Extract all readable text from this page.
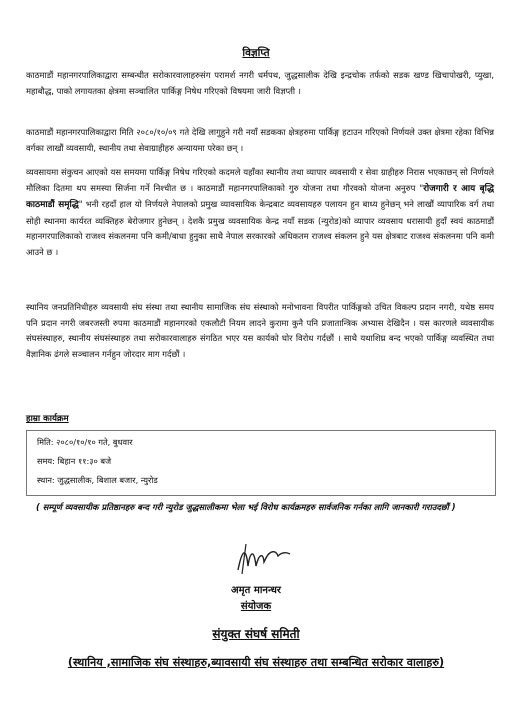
विज्ञप्ति

काठमाडौं महानगरपालिकाद्वारा सम्बन्धीत सरोकारवालाहरुसंग परामर्श नगरी धर्मपथ, जुद्धसालीक देखि इन्द्रचोक तर्फको सडक खण्ड खिचापोखरी, प्युखा, महाबौद्ध, पाको लगायतका क्षेत्रमा सञ्चालित पार्किङ्ग निषेध गरिएको विषयमा जारी विज्ञप्ती ।

काठमाडौं महानगरपालिकाद्वारा मिति २०८०/१०/०९ गते देखि लागुहुने गरी नयाँ सडकका क्षेत्रहरुमा पार्किङ्ग हटाउन गरिएको निर्णयले उक्त क्षेत्रमा रहेका विभिन्न वर्गका लाखौं व्यवसायी, स्थानीय तथा सेवाग्राहीहरु अन्यायमा परेका छन् ।

व्यवसायमा संकुचन आएको यस समयमा पार्किङ्ग निषेध गरिएको कदमले यहाँका स्थानीय तथा व्यापार व्यवसायी र सेवा ग्राहीहरु निरास भएकाछन् सो निर्णयले मौलिका दितमा थप समस्या सिर्जना गर्ने निश्चीत छ । काठमाडौं महानगरपालिकाको गुरु योजना तथा गौरवको योजना अनुरुप "रोजगारी र आय बृद्धि काठमाडौं समृद्धि" भनी रहदाँ हाल यो निर्णयले नेपालको प्रमुख व्यावसायिक केन्द्रबाट व्यवसायहरु पलायन हुन बाध्य हुनेछन् भने लाखौं व्यापारिक वर्ग तथा सोही स्थानमा कार्यरत व्यक्तिहरु बेरोजगार हुनेछन् । देशकै प्रमुख व्यवसायिक केन्द्र नयाँ सडक (न्युरोड)को व्यापार व्यवसाय धरासायी हुदाँ स्वयं काठमाडौं महानगरपालिकाको राजश्व संकलनमा पनि कमी/बाधा हुनुका साथै नेपाल सरकारको अधिकतम राजश्व संकलन हुने यस क्षेत्रबाट राजश्व संकलनमा पनि कमी आउने छ ।

स्थानिय जनप्रतिनिधीहरु व्यवसायी संघ संस्था तथा स्थानीय सामाजिक संघ संस्थाको मनोभावना विपरीत पार्किङ्गको उचित विकल्प प्रदान नगरी, यथेष्ठ समय पनि प्रदान नगरी जबरजस्ती रुपमा काठमाडौं महानगरको एकलौटी नियम लादने कुरामा कुनै पनि प्रजातान्त्रिक अभ्यास देखिदैन । यस कारणले व्यवसायीक संघसंस्थाहरु, स्थानीय संघसंस्थाहरु तथा सरोकारवालाहरु संगठित भएर यस कार्यको घोर विरोध गर्दछौं । साथै यथाशिघ्र बन्द भएको पार्किङ्ग व्यवस्थित तथा वैज्ञानिक ढंगले सञ्चालन गर्नहुन जोरदार माग गर्दछौं ।

हाम्रा कार्यक्रम
मिति: २०८०/१०/१० गते, बुधवार
समय: बिहान ११:३० बजे
स्थान: जुद्धसालीक, बिशाल बजार, न्युरोड
( सम्पूर्ण व्यवसायीक प्रतिष्ठानहरु बन्द गरी न्युरोड जुद्धसालीकमा भेला भई विरोध कार्यक्रमहरु सार्वजनिक गर्नका लागि जानकारी गराउदछौं )
अमृत मानन्धर
संयोजक
संयुक्त संघर्ष समिती
(स्थानिय ,सामाजिक संघ संस्थाहरु,ब्यावसायी संघ संस्थाहरु तथा सम्बन्धित सरोकार वालाहरु)
